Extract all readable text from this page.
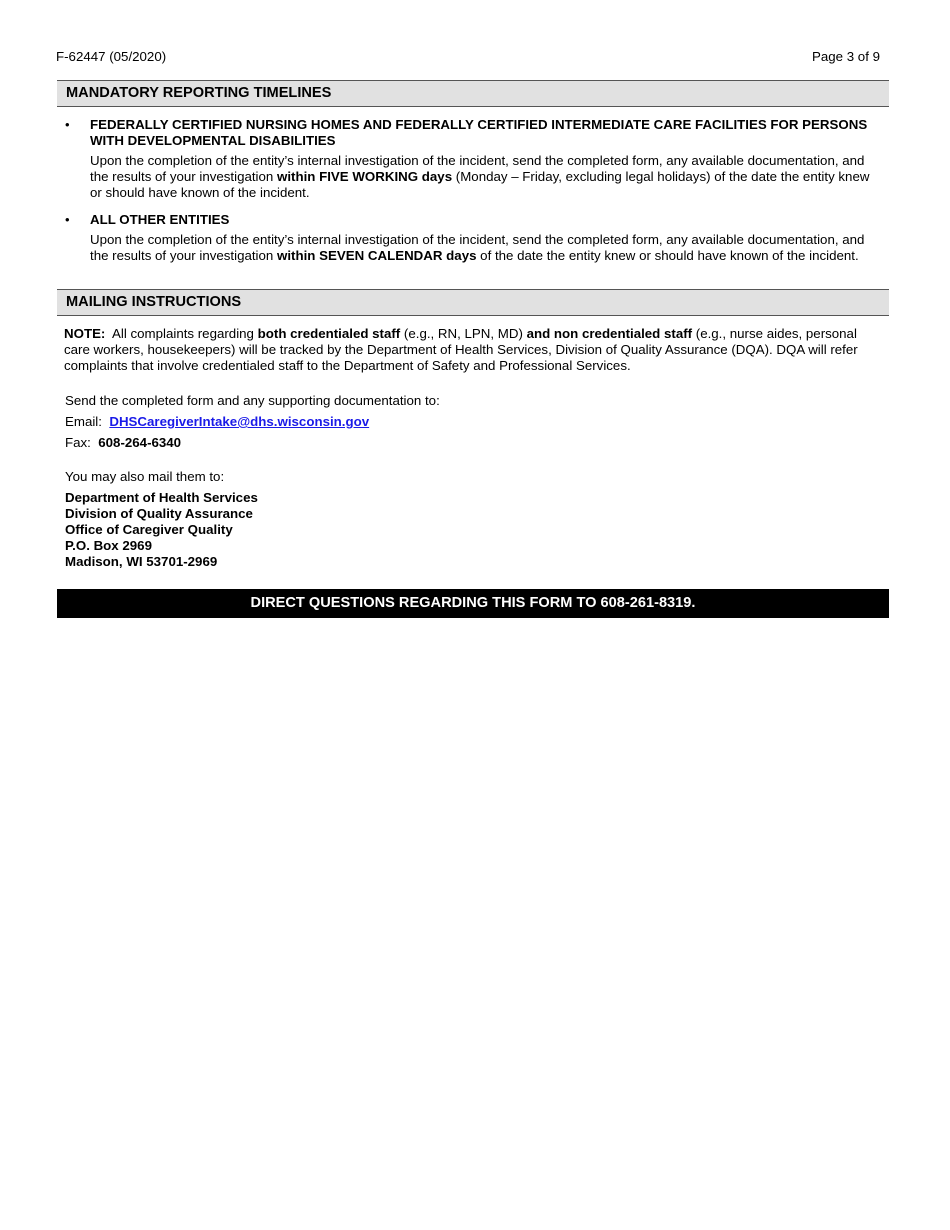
F-62447 (05/2020)	Page 3 of 9
MANDATORY REPORTING TIMELINES
• FEDERALLY CERTIFIED NURSING HOMES AND FEDERALLY CERTIFIED INTERMEDIATE CARE FACILITIES FOR PERSONS WITH DEVELOPMENTAL DISABILITIES
Upon the completion of the entity’s internal investigation of the incident, send the completed form, any available documentation, and the results of your investigation within FIVE WORKING days (Monday – Friday, excluding legal holidays) of the date the entity knew or should have known of the incident.
• ALL OTHER ENTITIES
Upon the completion of the entity’s internal investigation of the incident, send the completed form, any available documentation, and the results of your investigation within SEVEN CALENDAR days of the date the entity knew or should have known of the incident.
MAILING INSTRUCTIONS
NOTE:  All complaints regarding both credentialed staff (e.g., RN, LPN, MD) and non credentialed staff (e.g., nurse aides, personal care workers, housekeepers) will be tracked by the Department of Health Services, Division of Quality Assurance (DQA). DQA will refer complaints that involve credentialed staff to the Department of Safety and Professional Services.
Send the completed form and any supporting documentation to:
Email: DHSCaregiverIntake@dhs.wisconsin.gov
Fax: 608-264-6340
You may also mail them to:
Department of Health Services
Division of Quality Assurance
Office of Caregiver Quality
P.O. Box 2969
Madison, WI 53701-2969
DIRECT QUESTIONS REGARDING THIS FORM TO 608-261-8319.
